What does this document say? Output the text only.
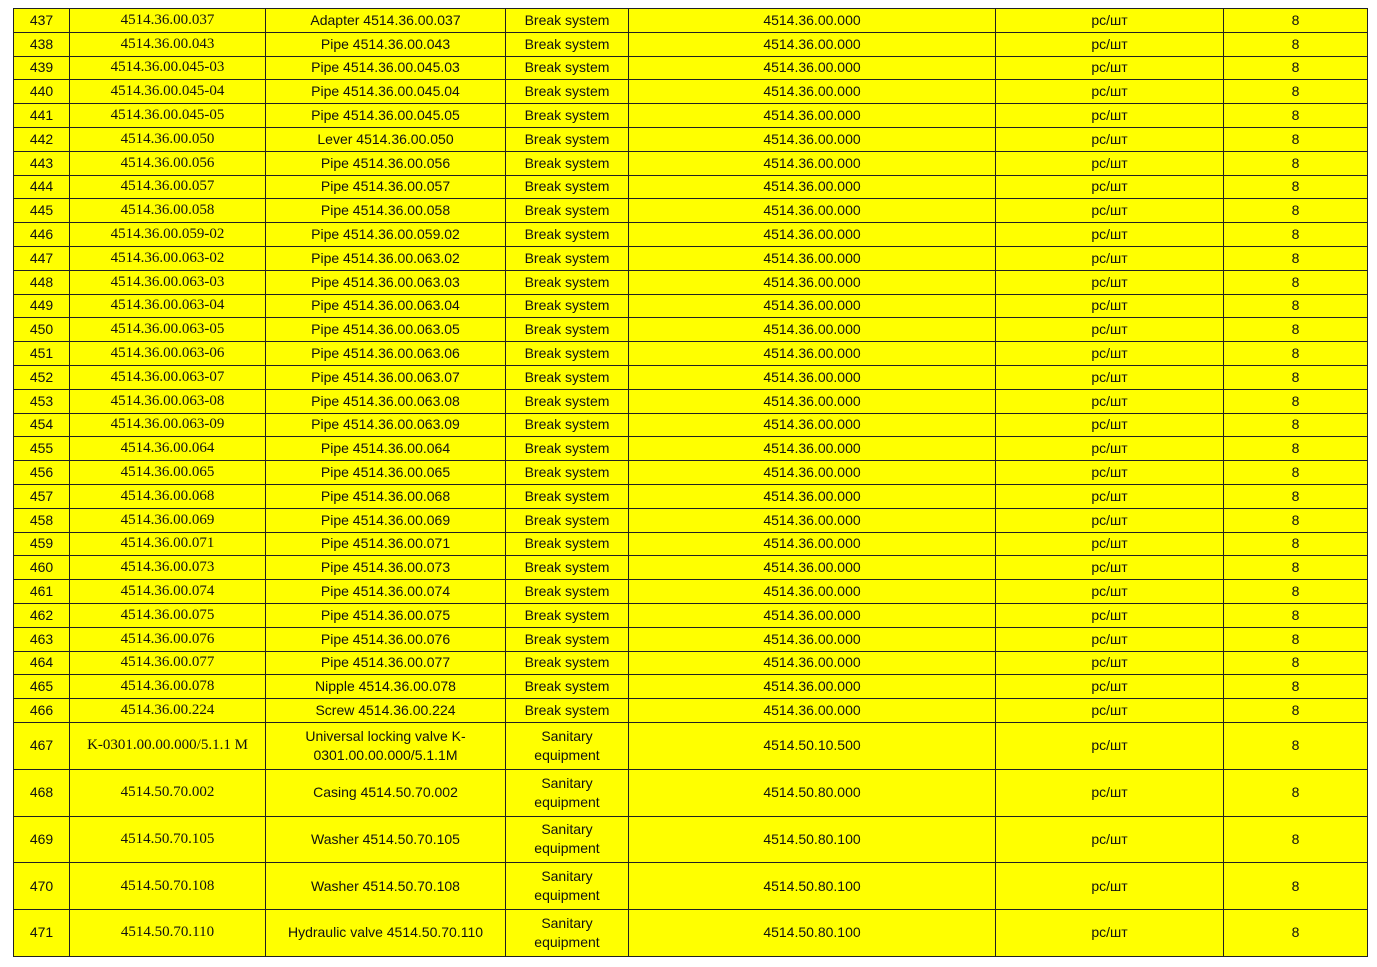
437	4514.36.00.037	Adapter 4514.36.00.037	Break system	4514.36.00.000	pc/шт	8
438	4514.36.00.043	Pipe 4514.36.00.043	Break system	4514.36.00.000	pc/шт	8
439	4514.36.00.045-03	Pipe 4514.36.00.045.03	Break system	4514.36.00.000	pc/шт	8
440	4514.36.00.045-04	Pipe 4514.36.00.045.04	Break system	4514.36.00.000	pc/шт	8
441	4514.36.00.045-05	Pipe 4514.36.00.045.05	Break system	4514.36.00.000	pc/шт	8
442	4514.36.00.050	Lever 4514.36.00.050	Break system	4514.36.00.000	pc/шт	8
443	4514.36.00.056	Pipe 4514.36.00.056	Break system	4514.36.00.000	pc/шт	8
444	4514.36.00.057	Pipe 4514.36.00.057	Break system	4514.36.00.000	pc/шт	8
445	4514.36.00.058	Pipe 4514.36.00.058	Break system	4514.36.00.000	pc/шт	8
446	4514.36.00.059-02	Pipe 4514.36.00.059.02	Break system	4514.36.00.000	pc/шт	8
447	4514.36.00.063-02	Pipe 4514.36.00.063.02	Break system	4514.36.00.000	pc/шт	8
448	4514.36.00.063-03	Pipe 4514.36.00.063.03	Break system	4514.36.00.000	pc/шт	8
449	4514.36.00.063-04	Pipe 4514.36.00.063.04	Break system	4514.36.00.000	pc/шт	8
450	4514.36.00.063-05	Pipe 4514.36.00.063.05	Break system	4514.36.00.000	pc/шт	8
451	4514.36.00.063-06	Pipe 4514.36.00.063.06	Break system	4514.36.00.000	pc/шт	8
452	4514.36.00.063-07	Pipe 4514.36.00.063.07	Break system	4514.36.00.000	pc/шт	8
453	4514.36.00.063-08	Pipe 4514.36.00.063.08	Break system	4514.36.00.000	pc/шт	8
454	4514.36.00.063-09	Pipe 4514.36.00.063.09	Break system	4514.36.00.000	pc/шт	8
455	4514.36.00.064	Pipe 4514.36.00.064	Break system	4514.36.00.000	pc/шт	8
456	4514.36.00.065	Pipe 4514.36.00.065	Break system	4514.36.00.000	pc/шт	8
457	4514.36.00.068	Pipe 4514.36.00.068	Break system	4514.36.00.000	pc/шт	8
458	4514.36.00.069	Pipe 4514.36.00.069	Break system	4514.36.00.000	pc/шт	8
459	4514.36.00.071	Pipe 4514.36.00.071	Break system	4514.36.00.000	pc/шт	8
460	4514.36.00.073	Pipe 4514.36.00.073	Break system	4514.36.00.000	pc/шт	8
461	4514.36.00.074	Pipe 4514.36.00.074	Break system	4514.36.00.000	pc/шт	8
462	4514.36.00.075	Pipe 4514.36.00.075	Break system	4514.36.00.000	pc/шт	8
463	4514.36.00.076	Pipe 4514.36.00.076	Break system	4514.36.00.000	pc/шт	8
464	4514.36.00.077	Pipe 4514.36.00.077	Break system	4514.36.00.000	pc/шт	8
465	4514.36.00.078	Nipple 4514.36.00.078	Break system	4514.36.00.000	pc/шт	8
466	4514.36.00.224	Screw 4514.36.00.224	Break system	4514.36.00.000	pc/шт	8
467	K-0301.00.00.000/5.1.1 M	Universal locking valve K-0301.00.00.000/5.1.1M	Sanitary equipment	4514.50.10.500	pc/шт	8
468	4514.50.70.002	Casing 4514.50.70.002	Sanitary equipment	4514.50.80.000	pc/шт	8
469	4514.50.70.105	Washer 4514.50.70.105	Sanitary equipment	4514.50.80.100	pc/шт	8
470	4514.50.70.108	Washer 4514.50.70.108	Sanitary equipment	4514.50.80.100	pc/шт	8
471	4514.50.70.110	Hydraulic valve 4514.50.70.110	Sanitary equipment	4514.50.80.100	pc/шт	8
